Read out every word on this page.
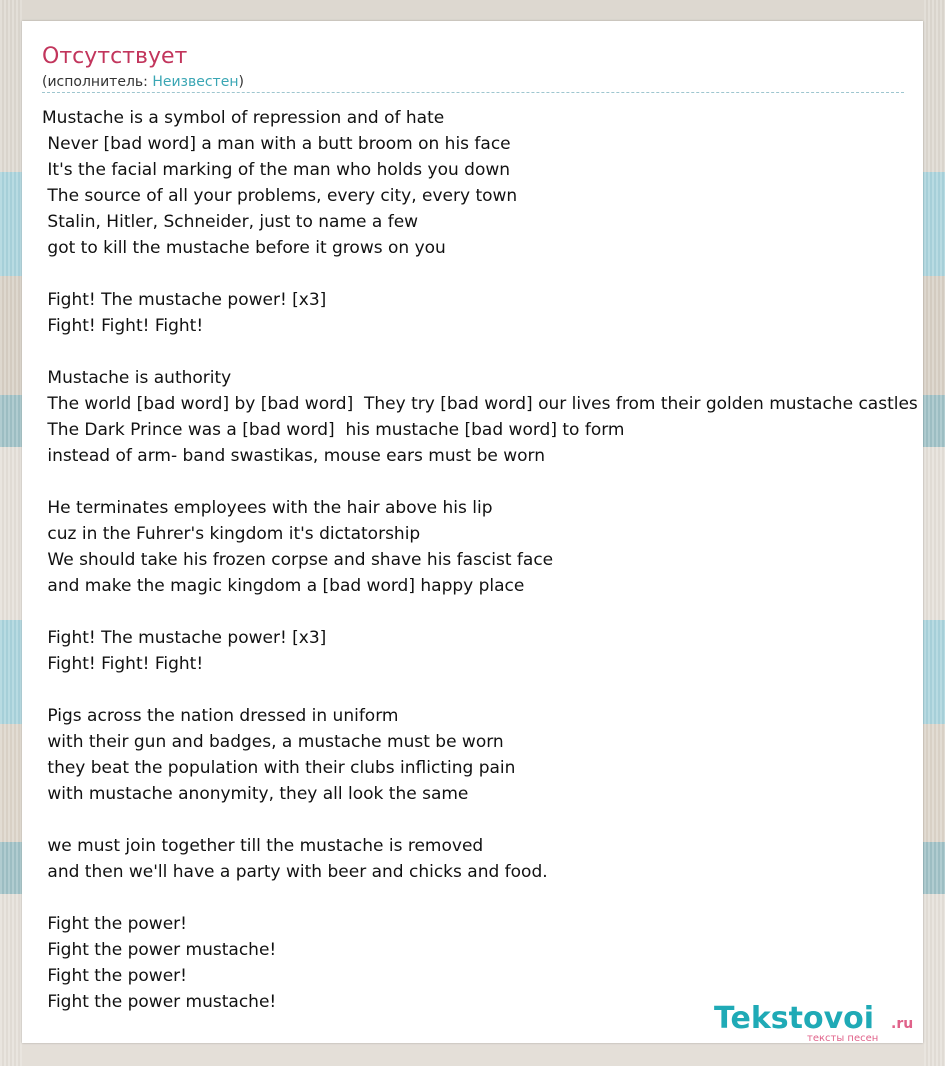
Отсутствует
(исполнитель: Неизвестен)
Mustache is a symbol of repression and of hate
Never [bad word] a man with a butt broom on his face
It's the facial marking of the man who holds you down
The source of all your problems, every city, every town
Stalin, Hitler, Schneider, just to name a few
got to kill the mustache before it grows on you
Fight! The mustache power! [x3]
Fight! Fight! Fight!
Mustache is authority
The world [bad word] by [bad word]  They try [bad word] our lives from their golden mustache castles
The Dark Prince was a [bad word]  his mustache [bad word] to form
instead of arm- band swastikas, mouse ears must be worn
He terminates employees with the hair above his lip
cuz in the Fuhrer's kingdom it's dictatorship
We should take his frozen corpse and shave his fascist face
and make the magic kingdom a [bad word] happy place
Fight! The mustache power! [x3]
Fight! Fight! Fight!
Pigs across the nation dressed in uniform
with their gun and badges, a mustache must be worn
they beat the population with their clubs inflicting pain
with mustache anonymity, they all look the same
we must join together till the mustache is removed
and then we'll have a party with beer and chicks and food.
Fight the power!
Fight the power mustache!
Fight the power!
Fight the power mustache!	Tekstovoi .ru
тексты песен
